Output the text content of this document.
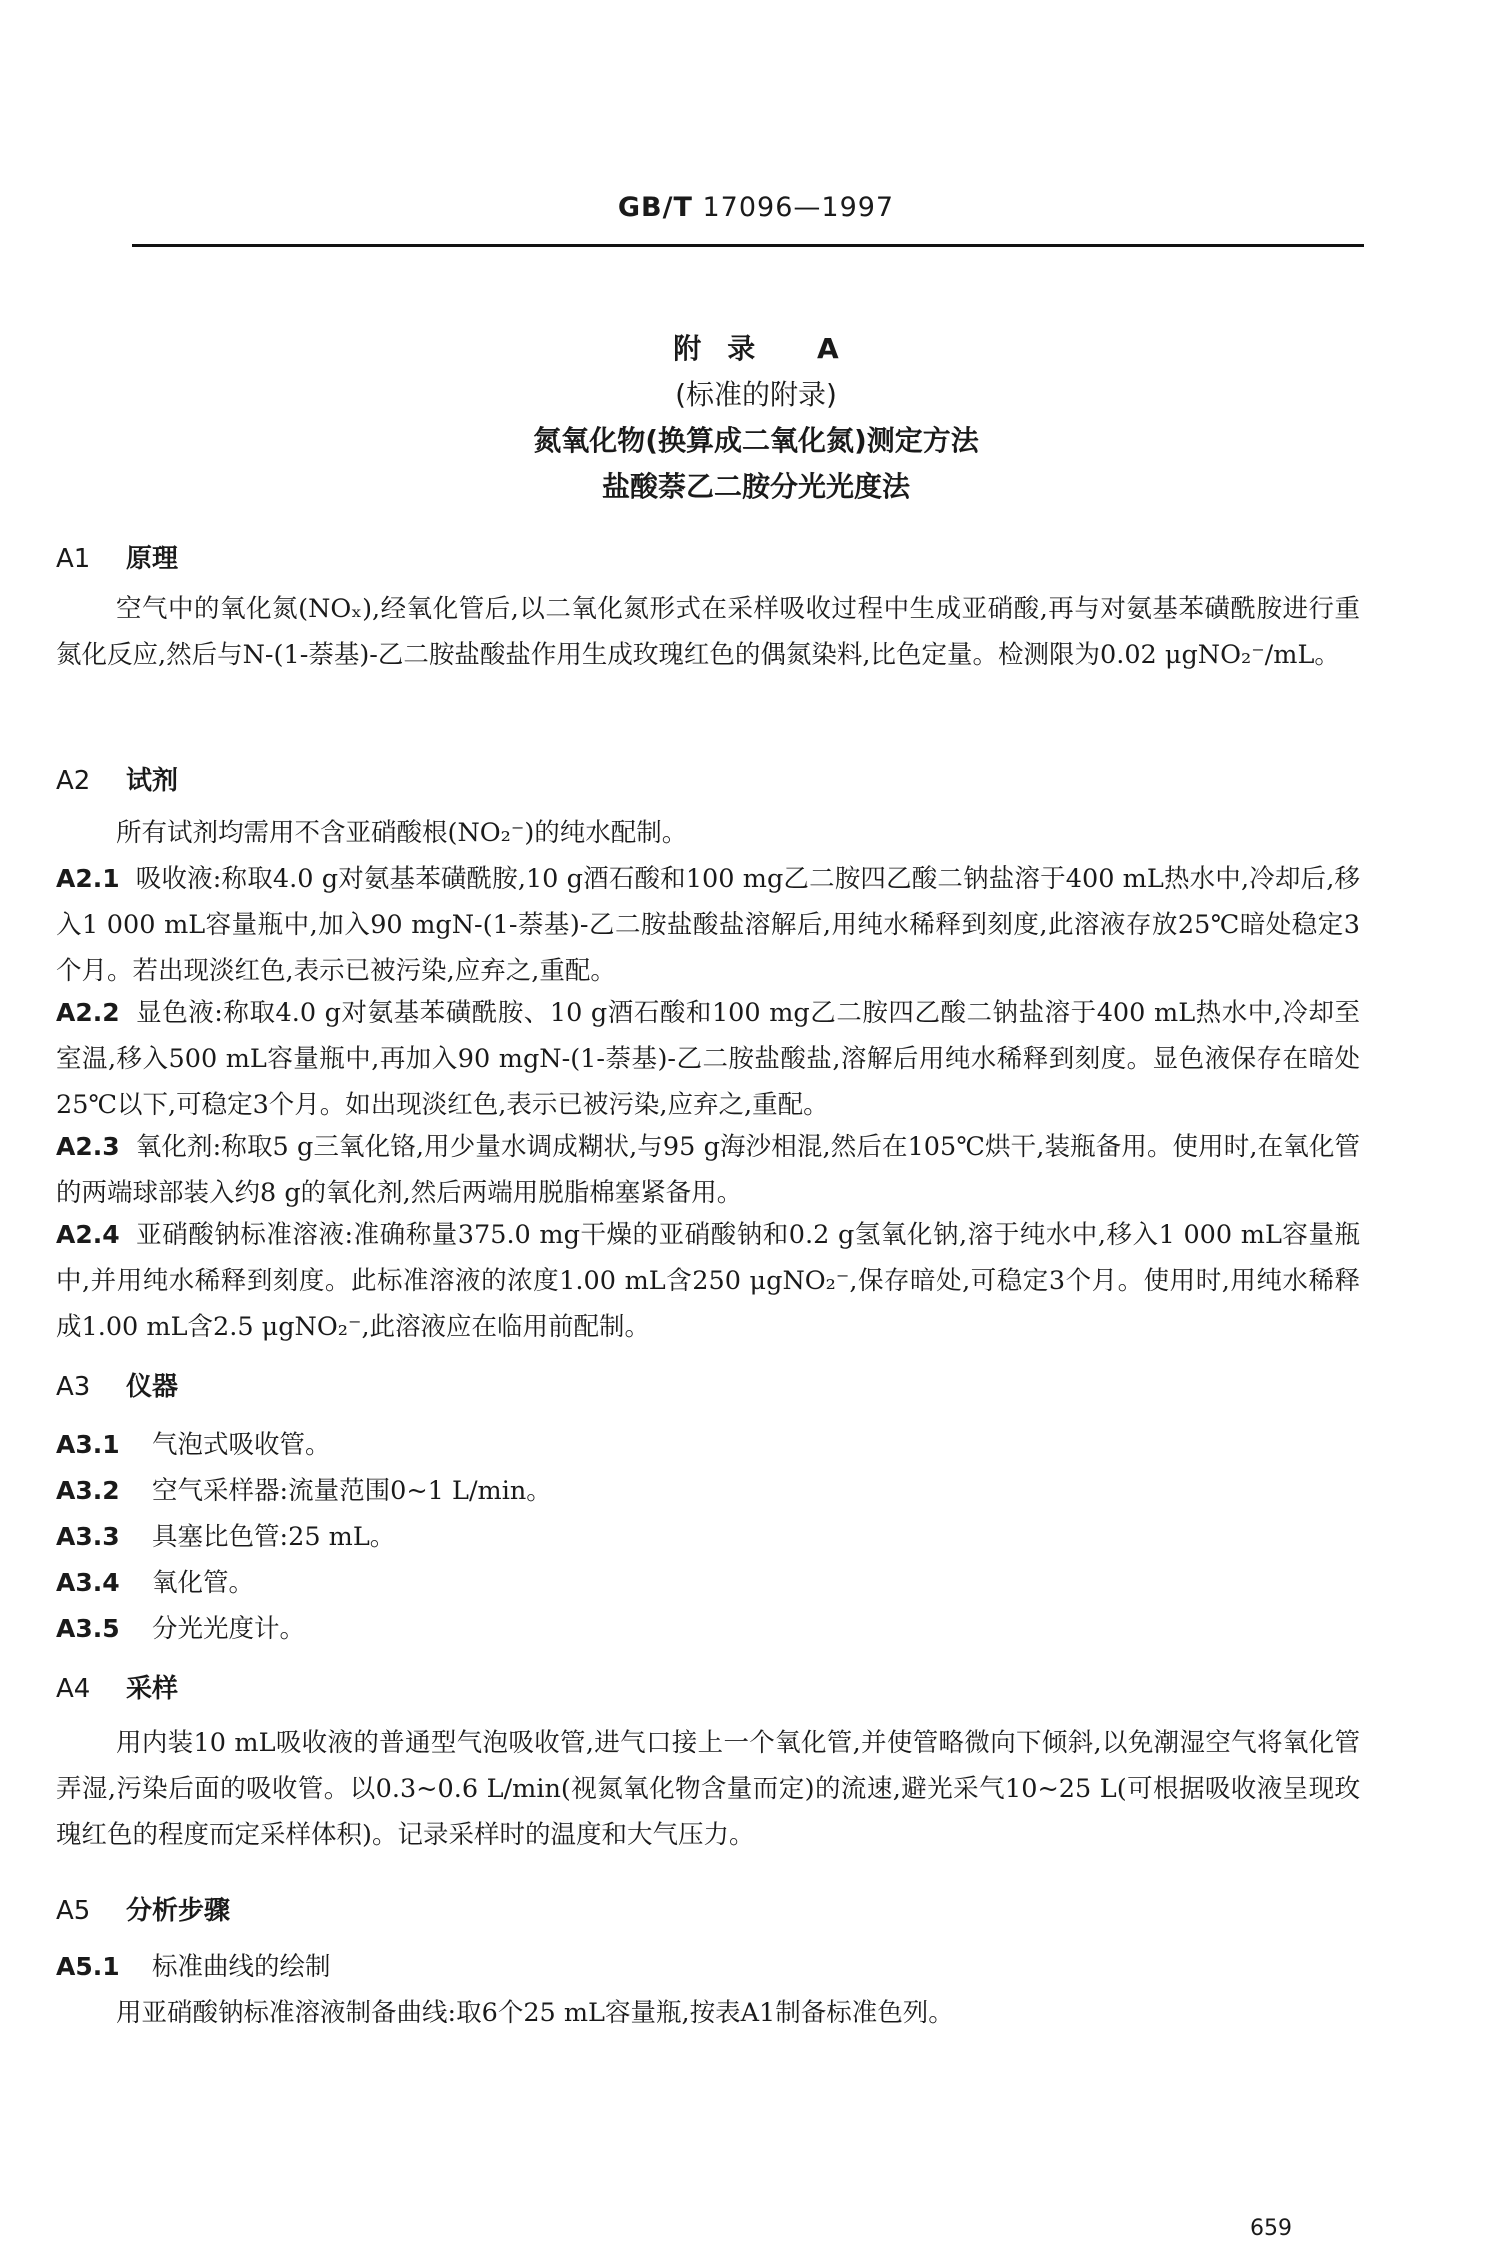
GB/T 17096—1997
附录 A
(标准的附录)
氮氧化物(换算成二氧化氮)测定方法
盐酸萘乙二胺分光光度法
A1 原理
空气中的氧化氮(NOₓ),经氧化管后,以二氧化氮形式在采样吸收过程中生成亚硝酸,再与对氨基苯磺酰胺进行重氮化反应,然后与N-(1-萘基)-乙二胺盐酸盐作用生成玫瑰红色的偶氮染料,比色定量。检测限为0.02 μgNO₂⁻/mL。
A2 试剂
所有试剂均需用不含亚硝酸根(NO₂⁻)的纯水配制。
A2.1 吸收液:称取4.0 g对氨基苯磺酰胺,10 g酒石酸和100 mg乙二胺四乙酸二钠盐溶于400 mL热水中,冷却后,移入1 000 mL容量瓶中,加入90 mgN-(1-萘基)-乙二胺盐酸盐溶解后,用纯水稀释到刻度,此溶液存放25℃暗处稳定3个月。若出现淡红色,表示已被污染,应弃之,重配。
A2.2 显色液:称取4.0 g对氨基苯磺酰胺、10 g酒石酸和100 mg乙二胺四乙酸二钠盐溶于400 mL热水中,冷却至室温,移入500 mL容量瓶中,再加入90 mgN-(1-萘基)-乙二胺盐酸盐,溶解后用纯水稀释到刻度。显色液保存在暗处25℃以下,可稳定3个月。如出现淡红色,表示已被污染,应弃之,重配。
A2.3 氧化剂:称取5 g三氧化铬,用少量水调成糊状,与95 g海沙相混,然后在105℃烘干,装瓶备用。使用时,在氧化管的两端球部装入约8 g的氧化剂,然后两端用脱脂棉塞紧备用。
A2.4 亚硝酸钠标准溶液:准确称量375.0 mg干燥的亚硝酸钠和0.2 g氢氧化钠,溶于纯水中,移入1 000 mL容量瓶中,并用纯水稀释到刻度。此标准溶液的浓度1.00 mL含250 μgNO₂⁻,保存暗处,可稳定3个月。使用时,用纯水稀释成1.00 mL含2.5 μgNO₂⁻,此溶液应在临用前配制。
A3 仪器
A3.1 气泡式吸收管。
A3.2 空气采样器:流量范围0~1 L/min。
A3.3 具塞比色管:25 mL。
A3.4 氧化管。
A3.5 分光光度计。
A4 采样
用内装10 mL吸收液的普通型气泡吸收管,进气口接上一个氧化管,并使管略微向下倾斜,以免潮湿空气将氧化管弄湿,污染后面的吸收管。以0.3~0.6 L/min(视氮氧化物含量而定)的流速,避光采气10~25 L(可根据吸收液呈现玫瑰红色的程度而定采样体积)。记录采样时的温度和大气压力。
A5 分析步骤
A5.1 标准曲线的绘制
用亚硝酸钠标准溶液制备曲线:取6个25 mL容量瓶,按表A1制备标准色列。
659
